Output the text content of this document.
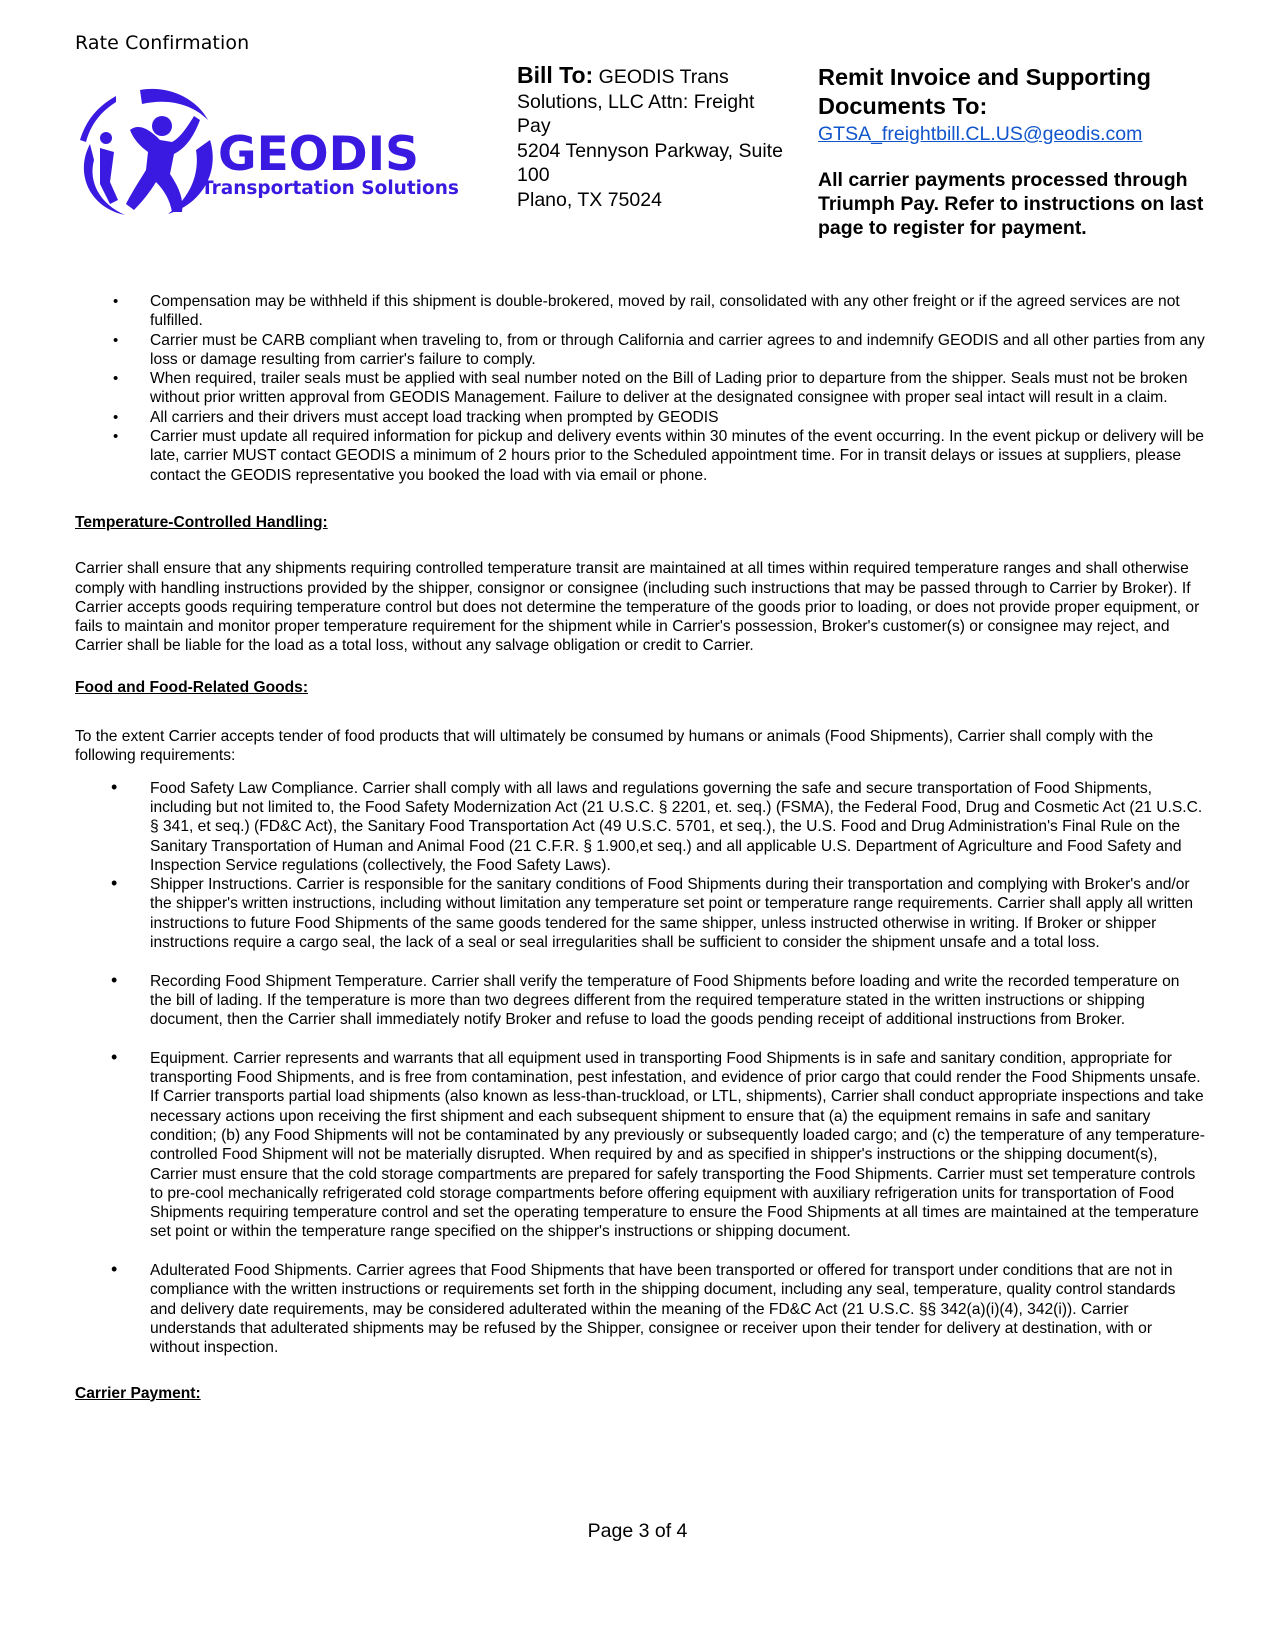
Rate Confirmation
GEODIS
Transportation Solutions
Bill To: GEODIS Trans Solutions, LLC Attn: Freight Pay
5204 Tennyson Parkway, Suite 100
Plano, TX 75024
Remit Invoice and Supporting Documents To:
GTSA_freightbill.CL.US@geodis.com
All carrier payments processed through Triumph Pay. Refer to instructions on last page to register for payment.
• Compensation may be withheld if this shipment is double-brokered, moved by rail, consolidated with any other freight or if the agreed services are not fulfilled.
• Carrier must be CARB compliant when traveling to, from or through California and carrier agrees to and indemnify GEODIS and all other parties from any loss or damage resulting from carrier's failure to comply.
• When required, trailer seals must be applied with seal number noted on the Bill of Lading prior to departure from the shipper. Seals must not be broken without prior written approval from GEODIS Management. Failure to deliver at the designated consignee with proper seal intact will result in a claim.
• All carriers and their drivers must accept load tracking when prompted by GEODIS
• Carrier must update all required information for pickup and delivery events within 30 minutes of the event occurring. In the event pickup or delivery will be late, carrier MUST contact GEODIS a minimum of 2 hours prior to the Scheduled appointment time. For in transit delays or issues at suppliers, please contact the GEODIS representative you booked the load with via email or phone.
Temperature-Controlled Handling:

Carrier shall ensure that any shipments requiring controlled temperature transit are maintained at all times within required temperature ranges and shall otherwise comply with handling instructions provided by the shipper, consignor or consignee (including such instructions that may be passed through to Carrier by Broker). If Carrier accepts goods requiring temperature control but does not determine the temperature of the goods prior to loading, or does not provide proper equipment, or fails to maintain and monitor proper temperature requirement for the shipment while in Carrier's possession, Broker's customer(s) or consignee may reject, and Carrier shall be liable for the load as a total loss, without any salvage obligation or credit to Carrier.

Food and Food-Related Goods:

To the extent Carrier accepts tender of food products that will ultimately be consumed by humans or animals (Food Shipments), Carrier shall comply with the following requirements:

• Food Safety Law Compliance. Carrier shall comply with all laws and regulations governing the safe and secure transportation of Food Shipments, including but not limited to, the Food Safety Modernization Act (21 U.S.C. § 2201, et. seq.) (FSMA), the Federal Food, Drug and Cosmetic Act (21 U.S.C. § 341, et seq.) (FD&C Act), the Sanitary Food Transportation Act (49 U.S.C. 5701, et seq.), the U.S. Food and Drug Administration's Final Rule on the Sanitary Transportation of Human and Animal Food (21 C.F.R. § 1.900,et seq.) and all applicable U.S. Department of Agriculture and Food Safety and Inspection Service regulations (collectively, the Food Safety Laws).
• Shipper Instructions. Carrier is responsible for the sanitary conditions of Food Shipments during their transportation and complying with Broker's and/or the shipper's written instructions, including without limitation any temperature set point or temperature range requirements. Carrier shall apply all written instructions to future Food Shipments of the same goods tendered for the same shipper, unless instructed otherwise in writing. If Broker or shipper instructions require a cargo seal, the lack of a seal or seal irregularities shall be sufficient to consider the shipment unsafe and a total loss.
• Recording Food Shipment Temperature. Carrier shall verify the temperature of Food Shipments before loading and write the recorded temperature on the bill of lading. If the temperature is more than two degrees different from the required temperature stated in the written instructions or shipping document, then the Carrier shall immediately notify Broker and refuse to load the goods pending receipt of additional instructions from Broker.
• Equipment. Carrier represents and warrants that all equipment used in transporting Food Shipments is in safe and sanitary condition, appropriate for transporting Food Shipments, and is free from contamination, pest infestation, and evidence of prior cargo that could render the Food Shipments unsafe. If Carrier transports partial load shipments (also known as less-than-truckload, or LTL, shipments), Carrier shall conduct appropriate inspections and take necessary actions upon receiving the first shipment and each subsequent shipment to ensure that (a) the equipment remains in safe and sanitary condition; (b) any Food Shipments will not be contaminated by any previously or subsequently loaded cargo; and (c) the temperature of any temperature-controlled Food Shipment will not be materially disrupted. When required by and as specified in shipper's instructions or the shipping document(s), Carrier must ensure that the cold storage compartments are prepared for safely transporting the Food Shipments. Carrier must set temperature controls to pre-cool mechanically refrigerated cold storage compartments before offering equipment with auxiliary refrigeration units for transportation of Food Shipments requiring temperature control and set the operating temperature to ensure the Food Shipments at all times are maintained at the temperature set point or within the temperature range specified on the shipper's instructions or shipping document.
• Adulterated Food Shipments. Carrier agrees that Food Shipments that have been transported or offered for transport under conditions that are not in compliance with the written instructions or requirements set forth in the shipping document, including any seal, temperature, quality control standards and delivery date requirements, may be considered adulterated within the meaning of the FD&C Act (21 U.S.C. §§ 342(a)(i)(4), 342(i)). Carrier understands that adulterated shipments may be refused by the Shipper, consignee or receiver upon their tender for delivery at destination, with or without inspection.
Carrier Payment:
Page 3 of 4
